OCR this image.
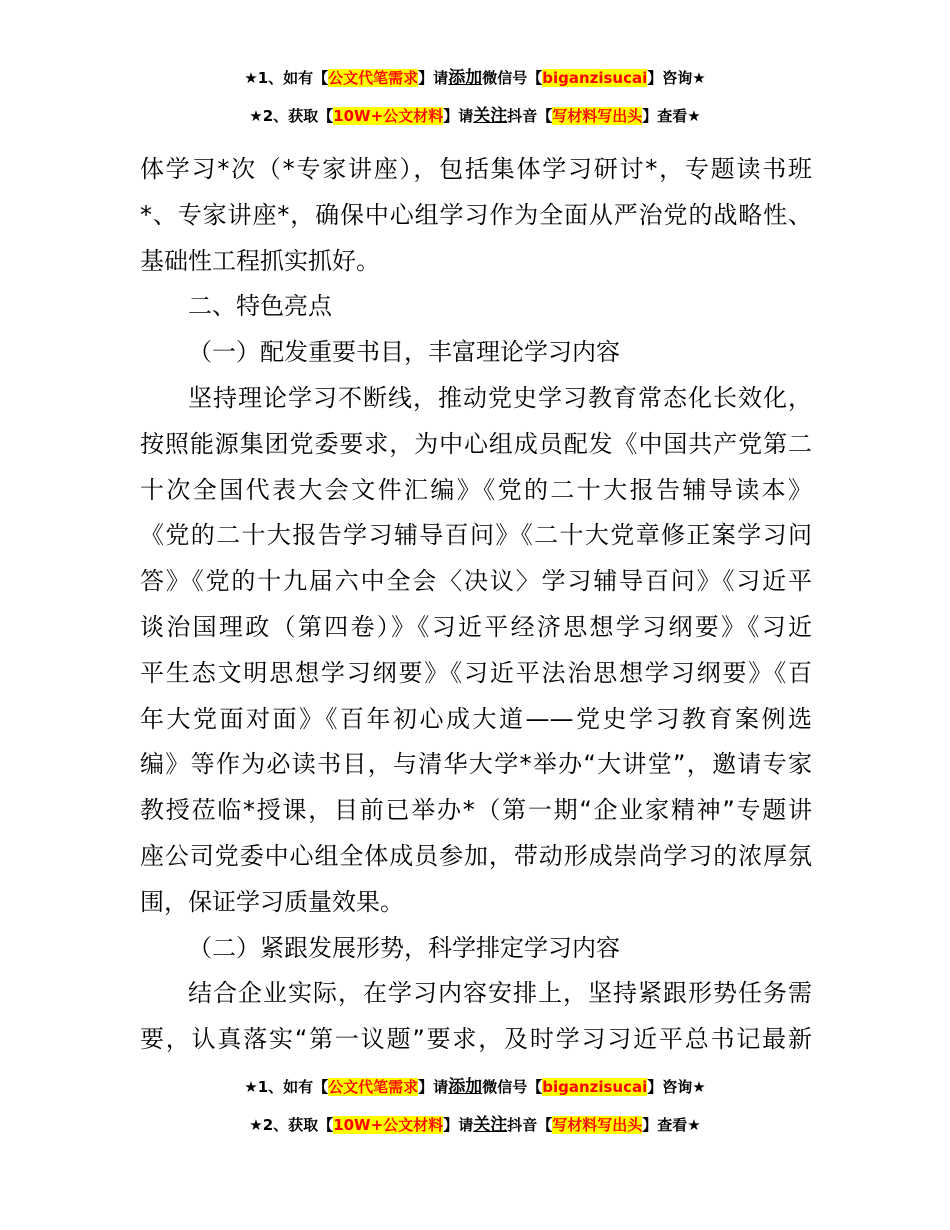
★1、如有【公文代笔需求】请添加微信号【biganzisucai】咨询★
★2、获取【10W+公文材料】请关注抖音【写材料写出头】查看★
体学习*次（*专家讲座），包括集体学习研讨*，专题读书班
*、专家讲座*，确保中心组学习作为全面从严治党的战略性、
基础性工程抓实抓好。
二、特色亮点
（一）配发重要书目，丰富理论学习内容
坚持理论学习不断线，推动党史学习教育常态化长效化，
按照能源集团党委要求，为中心组成员配发《中国共产党第二
十次全国代表大会文件汇编》《党的二十大报告辅导读本》
《党的二十大报告学习辅导百问》《二十大党章修正案学习问
答》《党的十九届六中全会〈决议〉学习辅导百问》《习近平
谈治国理政（第四卷）》《习近平经济思想学习纲要》《习近
平生态文明思想学习纲要》《习近平法治思想学习纲要》《百
年大党面对面》《百年初心成大道——党史学习教育案例选
编》等作为必读书目，与清华大学*举办“大讲堂”，邀请专家
教授莅临*授课，目前已举办*（第一期“企业家精神”专题讲
座公司党委中心组全体成员参加，带动形成崇尚学习的浓厚氛
围，保证学习质量效果。
（二）紧跟发展形势，科学排定学习内容
结合企业实际，在学习内容安排上，坚持紧跟形势任务需
要，认真落实“第一议题”要求，及时学习习近平总书记最新
★1、如有【公文代笔需求】请添加微信号【biganzisucai】咨询★
★2、获取【10W+公文材料】请关注抖音【写材料写出头】查看★
